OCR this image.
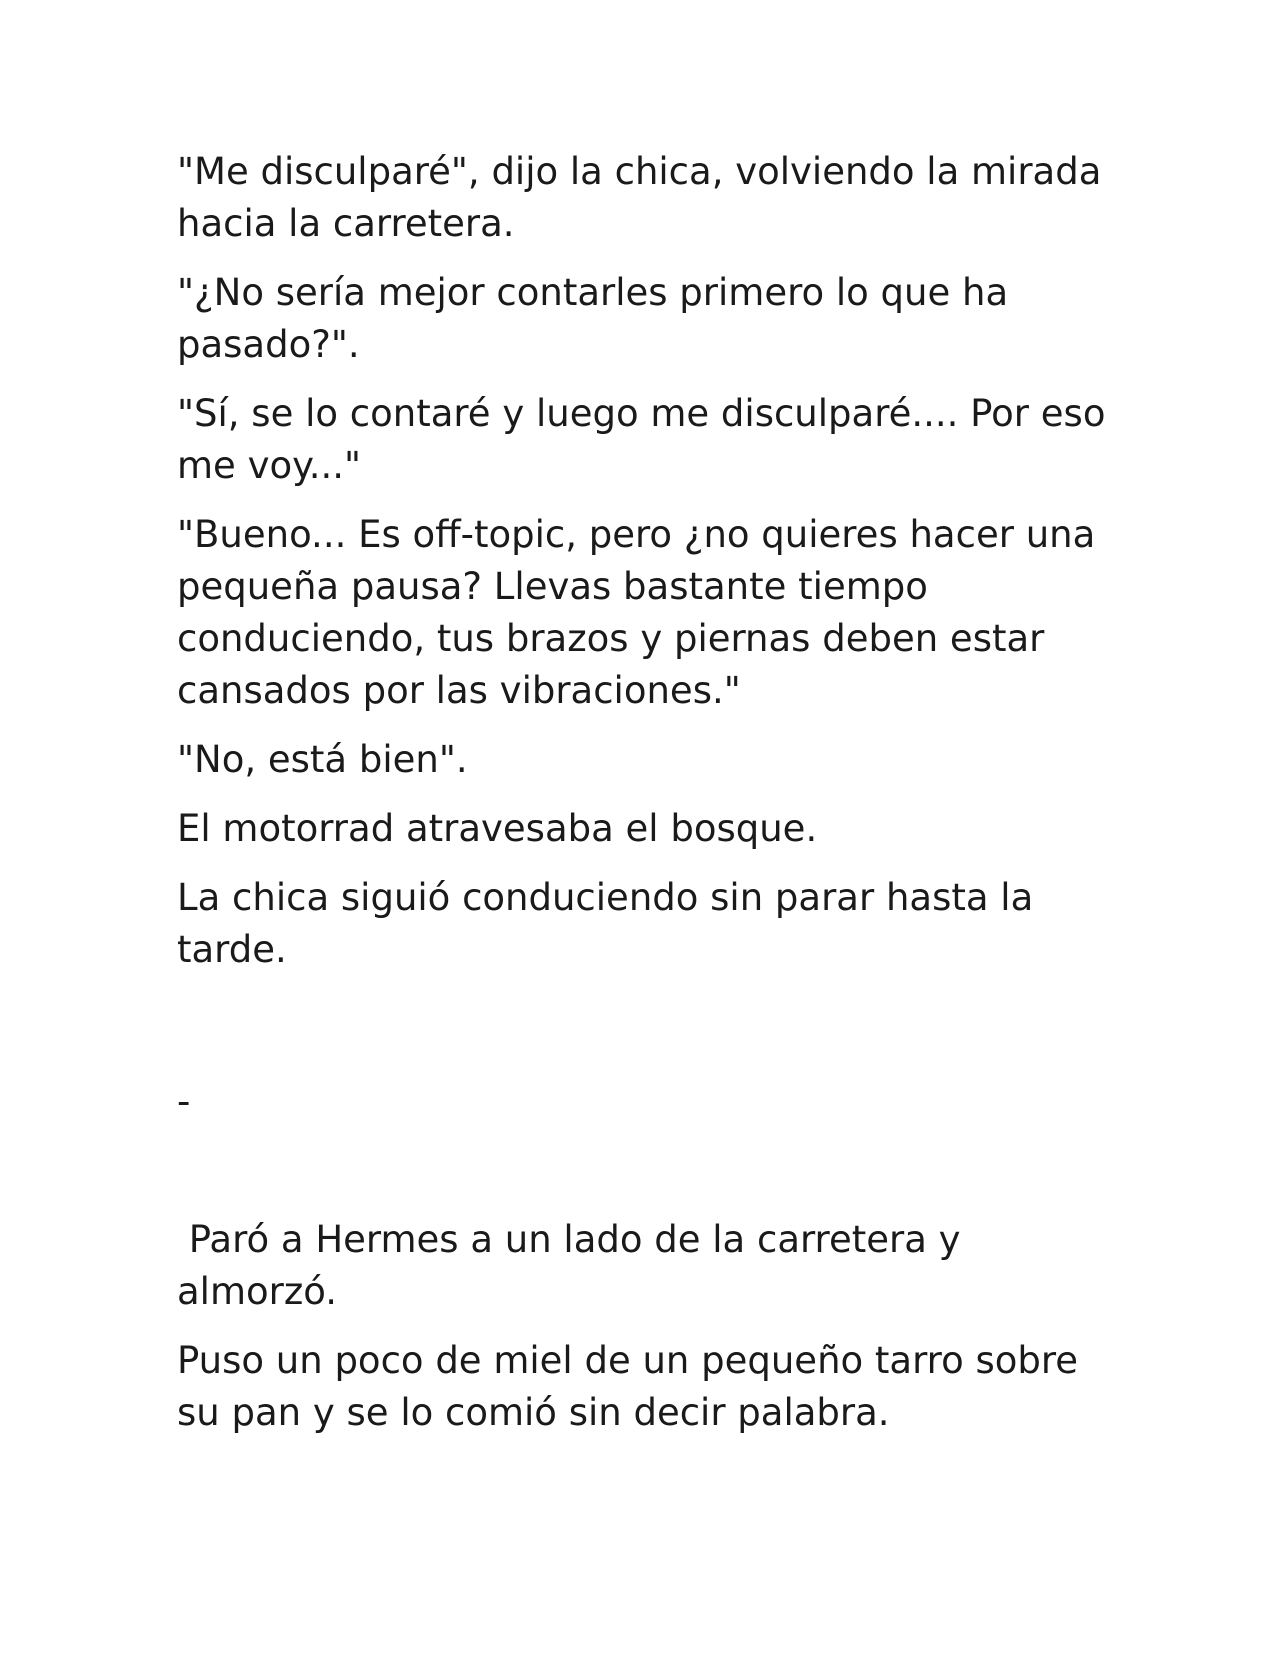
"Me disculparé", dijo la chica, volviendo la mirada hacia la carretera.

"¿No sería mejor contarles primero lo que ha pasado?".

"Sí, se lo contaré y luego me disculparé.... Por eso me voy..."

"Bueno... Es off-topic, pero ¿no quieres hacer una pequeña pausa? Llevas bastante tiempo conduciendo, tus brazos y piernas deben estar cansados por las vibraciones."

"No, está bien".

El motorrad atravesaba el bosque.

La chica siguió conduciendo sin parar hasta la tarde.

-

Paró a Hermes a un lado de la carretera y almorzó.

Puso un poco de miel de un pequeño tarro sobre su pan y se lo comió sin decir palabra.
